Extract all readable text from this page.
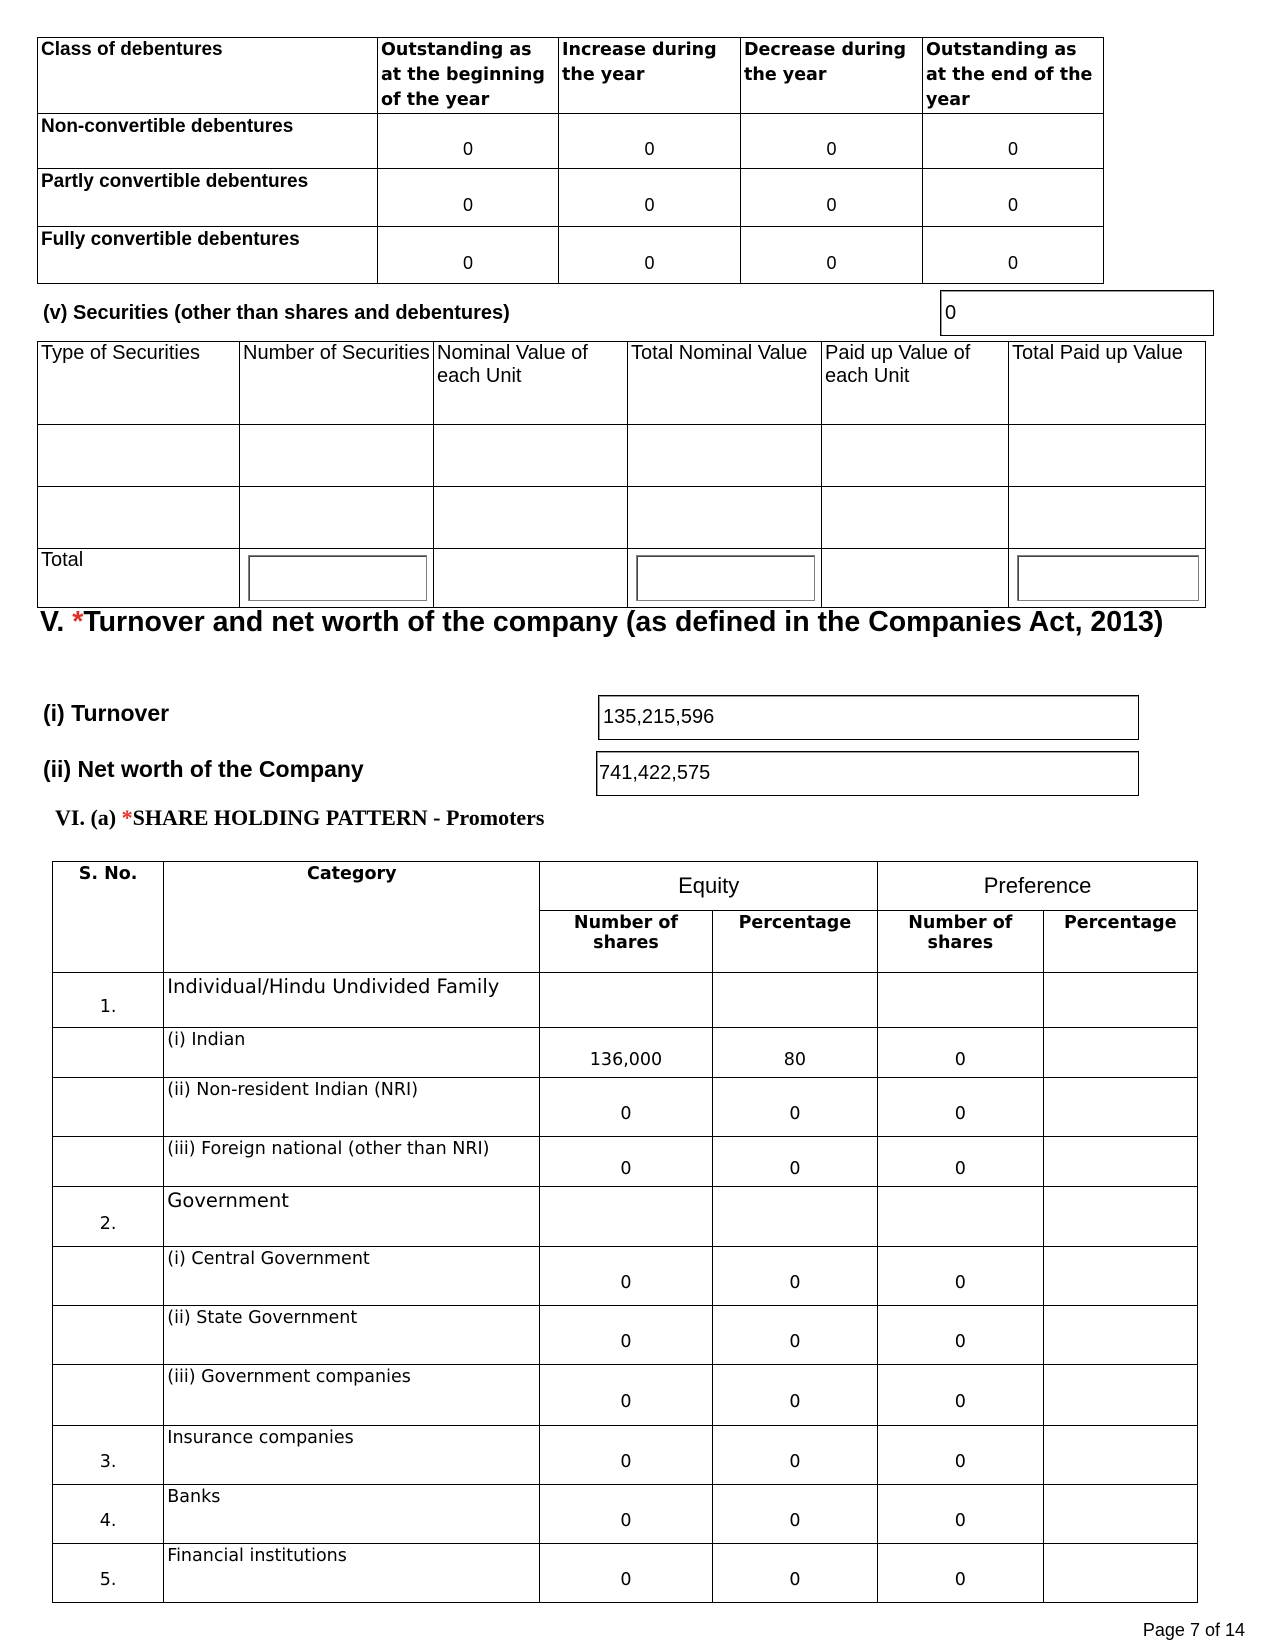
Class of debentures	Outstanding as at the beginning of the year	Increase during the year	Decrease during the year	Outstanding as at the end of the year
Non-convertible debentures	0	0	0	0
Partly convertible debentures	0	0	0	0
Fully convertible debentures	0	0	0	0
(v) Securities (other than shares and debentures)	0
Type of Securities	Number of Securities	Nominal Value of each Unit	Total Nominal Value	Paid up Value of each Unit	Total Paid up Value

Total	

V. *Turnover and net worth of the company (as defined in the Companies Act, 2013)
(i) Turnover	135,215,596
(ii) Net worth of the Company	741,422,575
VI. (a) *SHARE HOLDING PATTERN - Promoters
S. No.	Category	Equity		Preference	
		Number of shares	Percentage	Number of shares	Percentage
1.	Individual/Hindu Undivided Family				
	(i) Indian	136,000	80	0	
	(ii) Non-resident Indian (NRI)	0	0	0	
	(iii) Foreign national (other than NRI)	0	0	0	
2.	Government				
	(i) Central Government	0	0	0	
	(ii) State Government	0	0	0	
	(iii) Government companies	0	0	0	
3.	Insurance companies	0	0	0	
4.	Banks	0	0	0	
5.	Financial institutions	0	0	0	
Page 7 of 14
